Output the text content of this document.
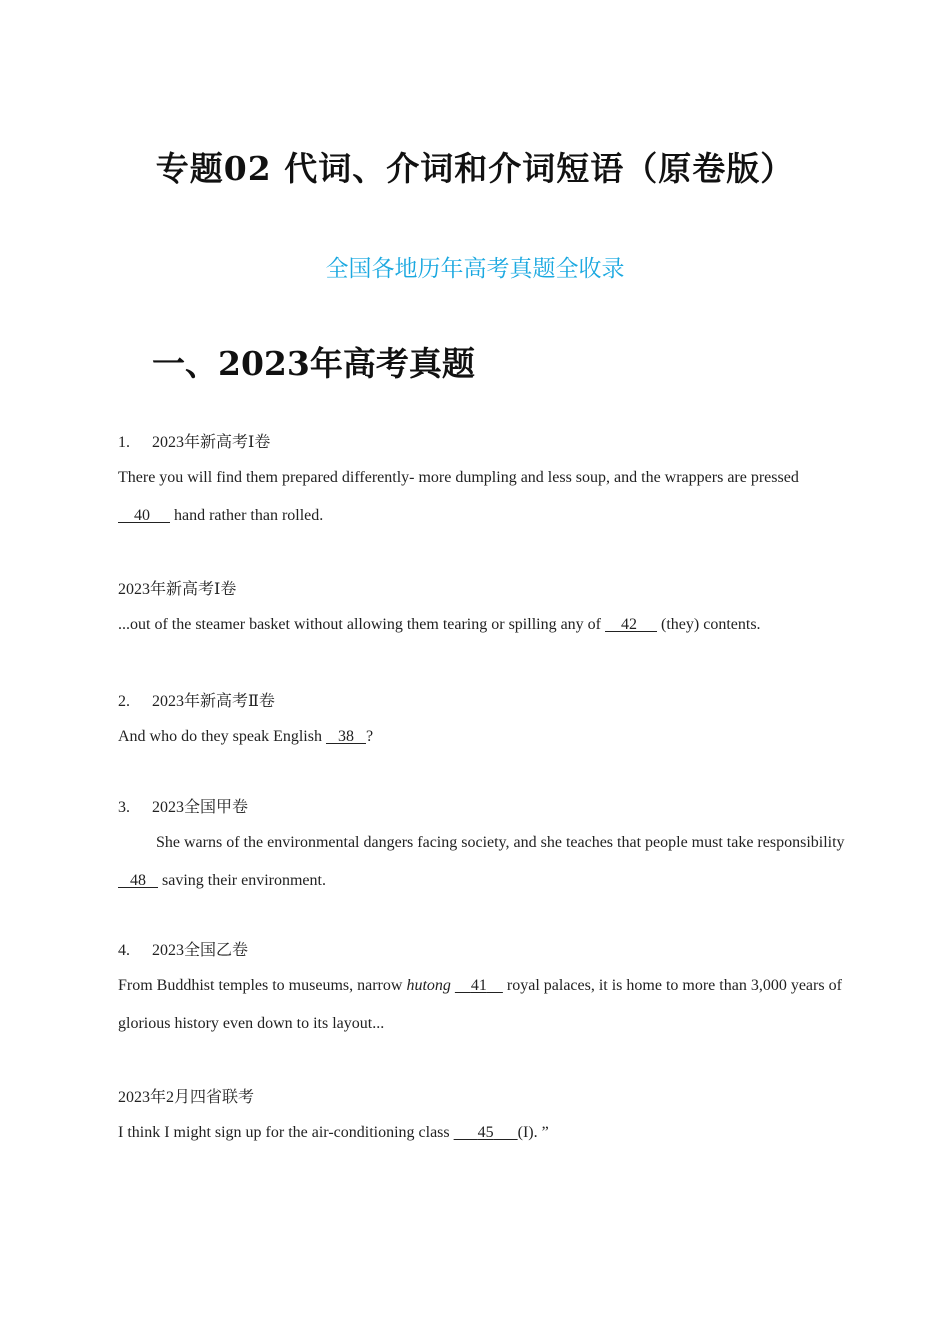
专题02 代词、介词和介词短语（原卷版）
全国各地历年高考真题全收录
一、2023年高考真题
1. 2023年新高考Ⅰ卷
There you will find them prepared differently- more dumpling and less soup, and the wrappers are pressed     40      hand rather than rolled.
2023年新高考Ⅰ卷
...out of the steamer basket without allowing them tearing or spilling any of     42      (they) contents.
2. 2023年新高考Ⅱ卷
And who do they speak English    38 ?
3. 2023全国甲卷
She warns of the environmental dangers facing society, and she teaches that people must take responsibility    48    saving their environment.
4. 2023全国乙卷
From Buddhist temples to museums, narrow hutong 41     royal palaces, it is home to more than 3,000 years of glorious history even down to its layout...
2023年2月四省联考
I think I might sign up for the air-conditioning class       45 (I). ”
